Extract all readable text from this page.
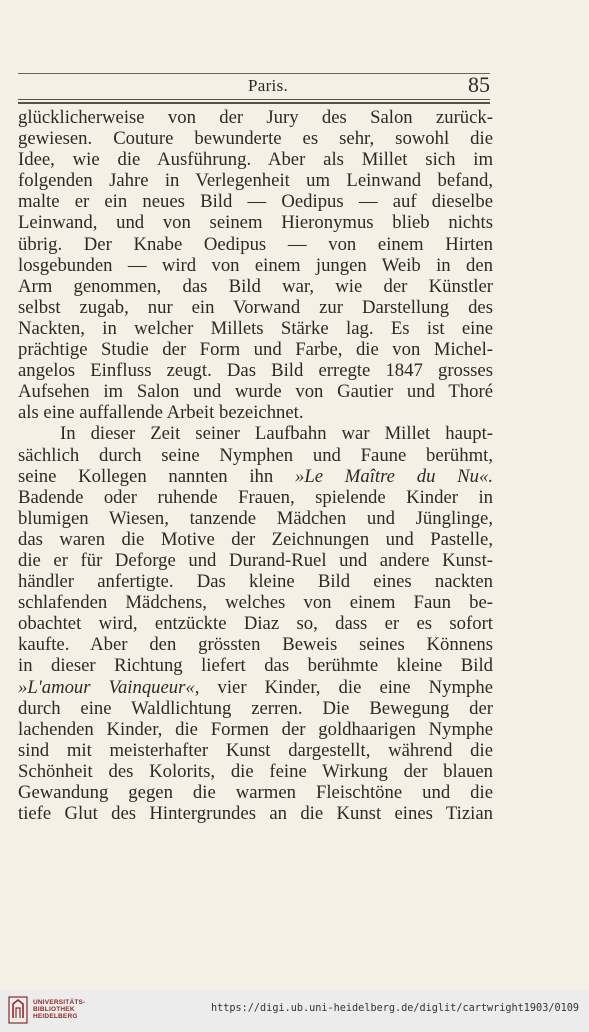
Paris.	85
glücklicherweise von der Jury des Salon zurück-
gewiesen. Couture bewunderte es sehr, sowohl die
Idee, wie die Ausführung. Aber als Millet sich im
folgenden Jahre in Verlegenheit um Leinwand befand,
malte er ein neues Bild — Oedipus — auf dieselbe
Leinwand, und von seinem Hieronymus blieb nichts
übrig. Der Knabe Oedipus — von einem Hirten
losgebunden — wird von einem jungen Weib in den
Arm genommen, das Bild war, wie der Künstler
selbst zugab, nur ein Vorwand zur Darstellung des
Nackten, in welcher Millets Stärke lag. Es ist eine
prächtige Studie der Form und Farbe, die von Michel-
angelos Einfluss zeugt. Das Bild erregte 1847 grosses
Aufsehen im Salon und wurde von Gautier und Thoré
als eine auffallende Arbeit bezeichnet.
In dieser Zeit seiner Laufbahn war Millet haupt-
sächlich durch seine Nymphen und Faune berühmt,
seine Kollegen nannten ihn »Le Maître du Nu«.
Badende oder ruhende Frauen, spielende Kinder in
blumigen Wiesen, tanzende Mädchen und Jünglinge,
das waren die Motive der Zeichnungen und Pastelle,
die er für Deforge und Durand-Ruel und andere Kunst-
händler anfertigte. Das kleine Bild eines nackten
schlafenden Mädchens, welches von einem Faun be-
obachtet wird, entzückte Diaz so, dass er es sofort
kaufte. Aber den grössten Beweis seines Könnens
in dieser Richtung liefert das berühmte kleine Bild
»L'amour Vainqueur«, vier Kinder, die eine Nymphe
durch eine Waldlichtung zerren. Die Bewegung der
lachenden Kinder, die Formen der goldhaarigen Nymphe
sind mit meisterhafter Kunst dargestellt, während die
Schönheit des Kolorits, die feine Wirkung der blauen
Gewandung gegen die warmen Fleischtöne und die
tiefe Glut des Hintergrundes an die Kunst eines Tizian
UNIVERSITÄTS-
BIBLIOTHEK
HEIDELBERG
https://digi.ub.uni-heidelberg.de/diglit/cartwright1903/0109
